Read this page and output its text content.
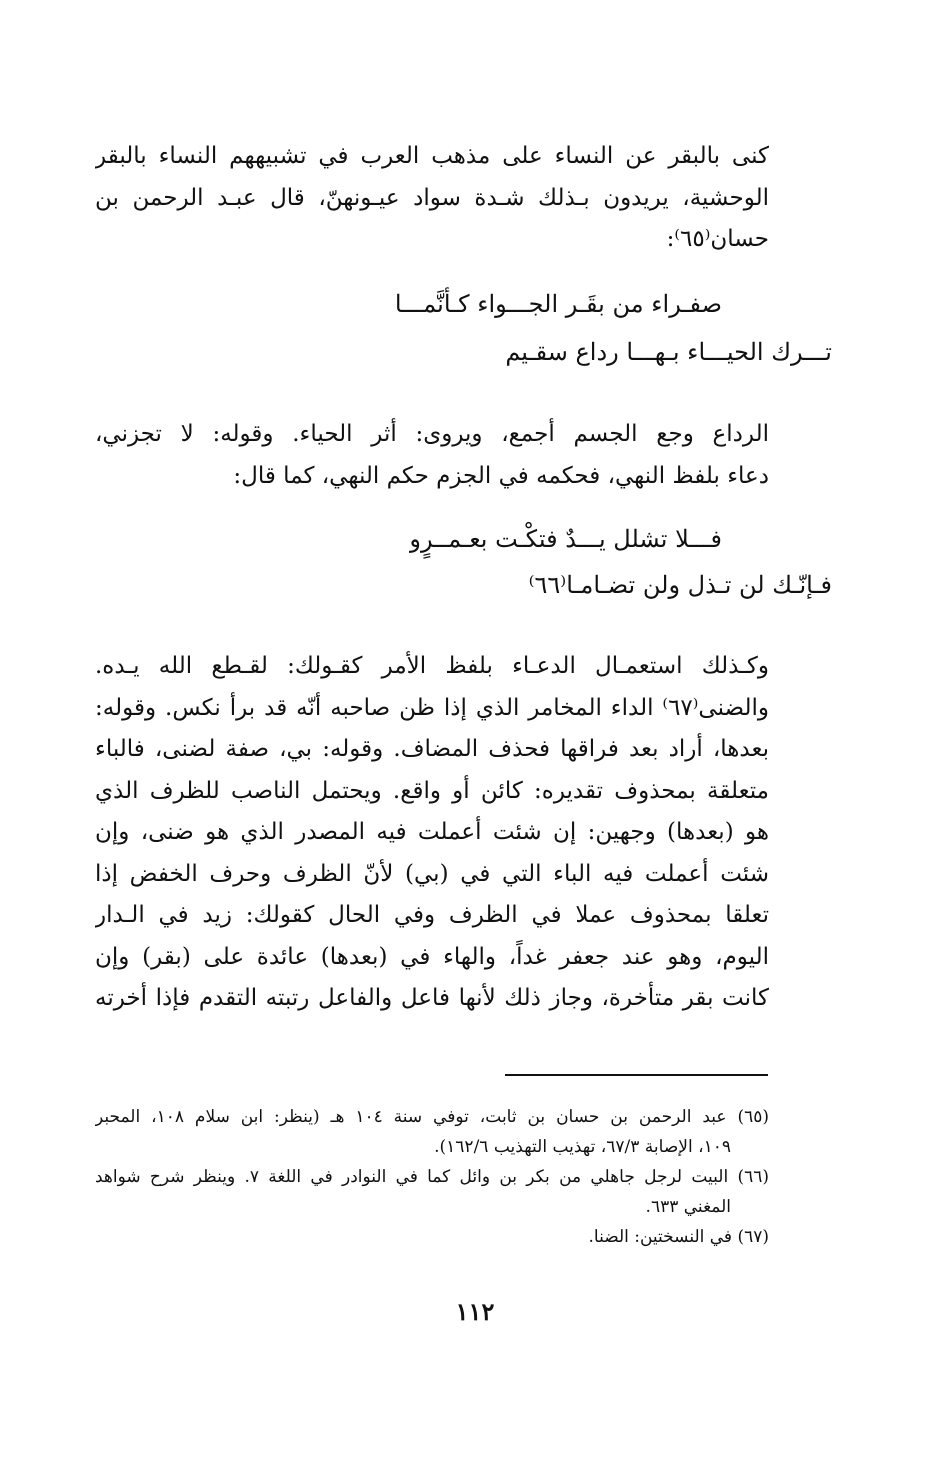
كنى بالبقر عن النساء على مذهب العرب في تشبيههم النساء بالبقر
الوحشية، يريدون بـذلك شـدة سواد عيـونهنّ، قال عبـد الرحمن بن
حسان⁽٦٥⁾:
صفـراء من بقَـر الجـــواء كـأنَّمـــا
تـــرك الحيـــاء بـهـــا رداع سقـيم
الرداع وجع الجسم أجمع، ويروى: أثر الحياء. وقوله: لا تجزني،
دعاء بلفظ النهي، فحكمه في الجزم حكم النهي، كما قال:
فـــلا تشلل يـــدٌ فتكْـت بعـمــرٍو
فـإنّـك لن تـذل ولن تضـامـا⁽٦٦⁾
وكـذلك استعمـال الدعـاء بلفظ الأمر كقـولك: لقـطع الله يـده.
والضنى⁽٦٧⁾ الداء المخامر الذي إذا ظن صاحبه أنّه قد برأ نكس. وقوله:
بعدها، أراد بعد فراقها فحذف المضاف. وقوله: بي، صفة لضنى، فالباء
متعلقة بمحذوف تقديره: كائن أو واقع. ويحتمل الناصب للظرف الذي
هو (بعدها) وجهين: إن شئت أعملت فيه المصدر الذي هو ضنى، وإن
شئت أعملت فيه الباء التي في (بي) لأنّ الظرف وحرف الخفض إذا
تعلقا بمحذوف عملا في الظرف وفي الحال كقولك: زيد في الـدار
اليوم، وهو عند جعفر غداً، والهاء في (بعدها) عائدة على (بقر) وإن
كانت بقر متأخرة، وجاز ذلك لأنها فاعل والفاعل رتبته التقدم فإذا أخرته
(٦٥) عبد الرحمن بن حسان بن ثابت، توفي سنة ١٠٤ هـ (ينظر: ابن سلام ١٠٨، المحبر
١٠٩، الإصابة ٦٧/٣، تهذيب التهذيب ١٦٢/٦).
(٦٦) البيت لرجل جاهلي من بكر بن وائل كما في النوادر في اللغة ٧. وينظر شرح شواهد
المغني ٦٣٣.
(٦٧) في النسختين: الضنا.
١١٢
